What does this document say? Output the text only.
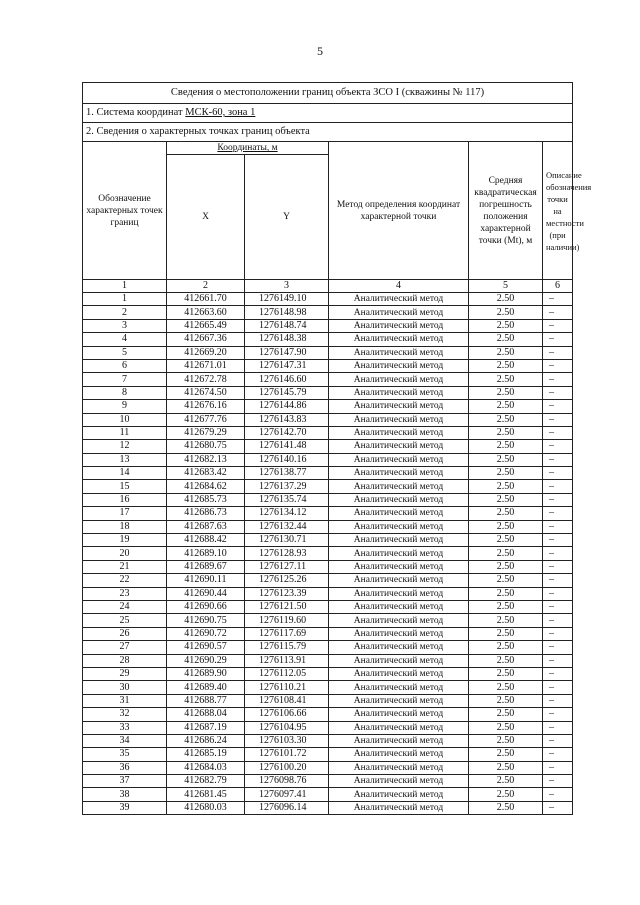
5
Сведения о местоположении границ объекта ЗСО I (скважины № 117)					
1. Система координат МСК-60, зона 1					
2. Сведения о характерных точках границ объекта					
Обозначение характерных точек границ	Координаты, м		Метод определения координат характерной точки	Средняя квадратическая погрешность положения характерной точки (Mt), м	Описание обозначения точки на местности (при наличии)
	X	Y			
1	2	3	4	5	6
1	412661.70	1276149.10	Аналитический метод	2.50	–
2	412663.60	1276148.98	Аналитический метод	2.50	–
3	412665.49	1276148.74	Аналитический метод	2.50	–
4	412667.36	1276148.38	Аналитический метод	2.50	–
5	412669.20	1276147.90	Аналитический метод	2.50	–
6	412671.01	1276147.31	Аналитический метод	2.50	–
7	412672.78	1276146.60	Аналитический метод	2.50	–
8	412674.50	1276145.79	Аналитический метод	2.50	–
9	412676.16	1276144.86	Аналитический метод	2.50	–
10	412677.76	1276143.83	Аналитический метод	2.50	–
11	412679.29	1276142.70	Аналитический метод	2.50	–
12	412680.75	1276141.48	Аналитический метод	2.50	–
13	412682.13	1276140.16	Аналитический метод	2.50	–
14	412683.42	1276138.77	Аналитический метод	2.50	–
15	412684.62	1276137.29	Аналитический метод	2.50	–
16	412685.73	1276135.74	Аналитический метод	2.50	–
17	412686.73	1276134.12	Аналитический метод	2.50	–
18	412687.63	1276132.44	Аналитический метод	2.50	–
19	412688.42	1276130.71	Аналитический метод	2.50	–
20	412689.10	1276128.93	Аналитический метод	2.50	–
21	412689.67	1276127.11	Аналитический метод	2.50	–
22	412690.11	1276125.26	Аналитический метод	2.50	–
23	412690.44	1276123.39	Аналитический метод	2.50	–
24	412690.66	1276121.50	Аналитический метод	2.50	–
25	412690.75	1276119.60	Аналитический метод	2.50	–
26	412690.72	1276117.69	Аналитический метод	2.50	–
27	412690.57	1276115.79	Аналитический метод	2.50	–
28	412690.29	1276113.91	Аналитический метод	2.50	–
29	412689.90	1276112.05	Аналитический метод	2.50	–
30	412689.40	1276110.21	Аналитический метод	2.50	–
31	412688.77	1276108.41	Аналитический метод	2.50	–
32	412688.04	1276106.66	Аналитический метод	2.50	–
33	412687.19	1276104.95	Аналитический метод	2.50	–
34	412686.24	1276103.30	Аналитический метод	2.50	–
35	412685.19	1276101.72	Аналитический метод	2.50	–
36	412684.03	1276100.20	Аналитический метод	2.50	–
37	412682.79	1276098.76	Аналитический метод	2.50	–
38	412681.45	1276097.41	Аналитический метод	2.50	–
39	412680.03	1276096.14	Аналитический метод	2.50	–
